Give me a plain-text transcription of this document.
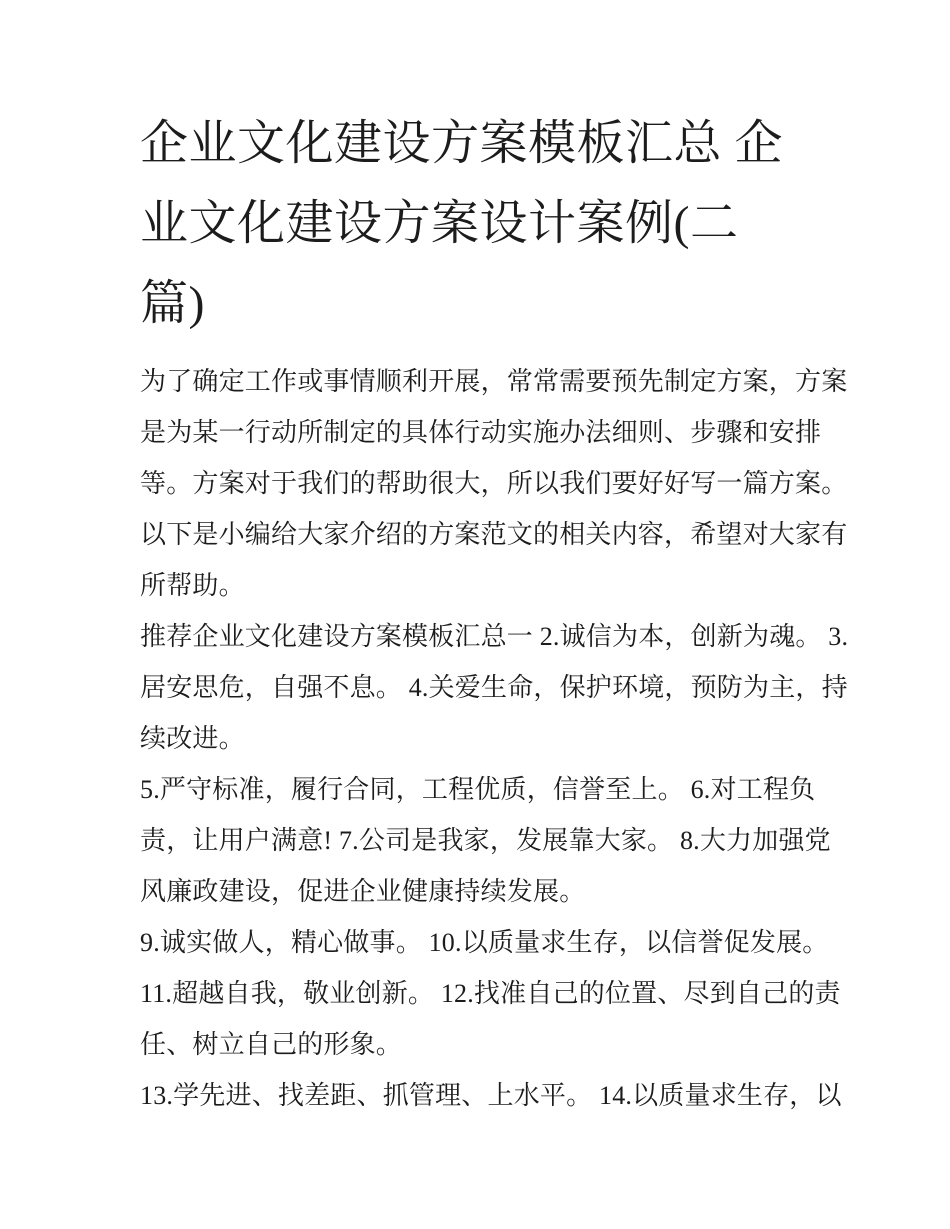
企业文化建设方案模板汇总 企
业文化建设方案设计案例(二
篇)
为了确定工作或事情顺利开展，常常需要预先制定方案，方案
是为某一行动所制定的具体行动实施办法细则、步骤和安排
等。方案对于我们的帮助很大，所以我们要好好写一篇方案。
以下是小编给大家介绍的方案范文的相关内容，希望对大家有
所帮助。
推荐企业文化建设方案模板汇总一 2.诚信为本，创新为魂。 3.
居安思危，自强不息。 4.关爱生命，保护环境，预防为主，持
续改进。
5.严守标准，履行合同，工程优质，信誉至上。 6.对工程负
责，让用户满意! 7.公司是我家，发展靠大家。 8.大力加强党
风廉政建设，促进企业健康持续发展。
9.诚实做人，精心做事。 10.以质量求生存，以信誉促发展。
11.超越自我，敬业创新。 12.找准自己的位置、尽到自己的责
任、树立自己的形象。
13.学先进、找差距、抓管理、上水平。 14.以质量求生存，以
